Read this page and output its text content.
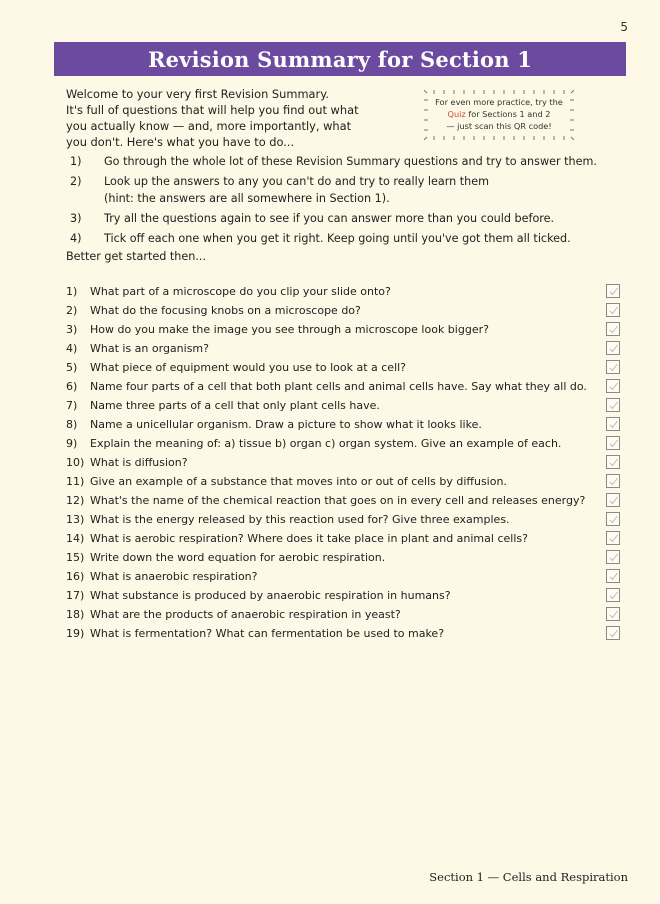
5
Revision Summary for Section 1
Welcome to your very first Revision Summary.
It's full of questions that will help you find out what
you actually know — and, more importantly, what
you don't. Here's what you have to do...
For even more practice, try the
Quiz for Sections 1 and 2
— just scan this QR code!
1)	Go through the whole lot of these Revision Summary questions and try to answer them.
2)	Look up the answers to any you can't do and try to really learn them
(hint: the answers are all somewhere in Section 1).
3)	Try all the questions again to see if you can answer more than you could before.
4)	Tick off each one when you get it right. Keep going until you've got them all ticked.
Better get started then...
1)	What part of a microscope do you clip your slide onto?
2)	What do the focusing knobs on a microscope do?
3)	How do you make the image you see through a microscope look bigger?
4)	What is an organism?
5)	What piece of equipment would you use to look at a cell?
6)	Name four parts of a cell that both plant cells and animal cells have. Say what they all do.
7)	Name three parts of a cell that only plant cells have.
8)	Name a unicellular organism. Draw a picture to show what it looks like.
9)	Explain the meaning of: a) tissue b) organ c) organ system. Give an example of each.
10) What is diffusion?
11) Give an example of a substance that moves into or out of cells by diffusion.
12) What's the name of the chemical reaction that goes on in every cell and releases energy?
13) What is the energy released by this reaction used for? Give three examples.
14) What is aerobic respiration? Where does it take place in plant and animal cells?
15) Write down the word equation for aerobic respiration.
16) What is anaerobic respiration?
17) What substance is produced by anaerobic respiration in humans?
18) What are the products of anaerobic respiration in yeast?
19) What is fermentation? What can fermentation be used to make?
Section 1 — Cells and Respiration
